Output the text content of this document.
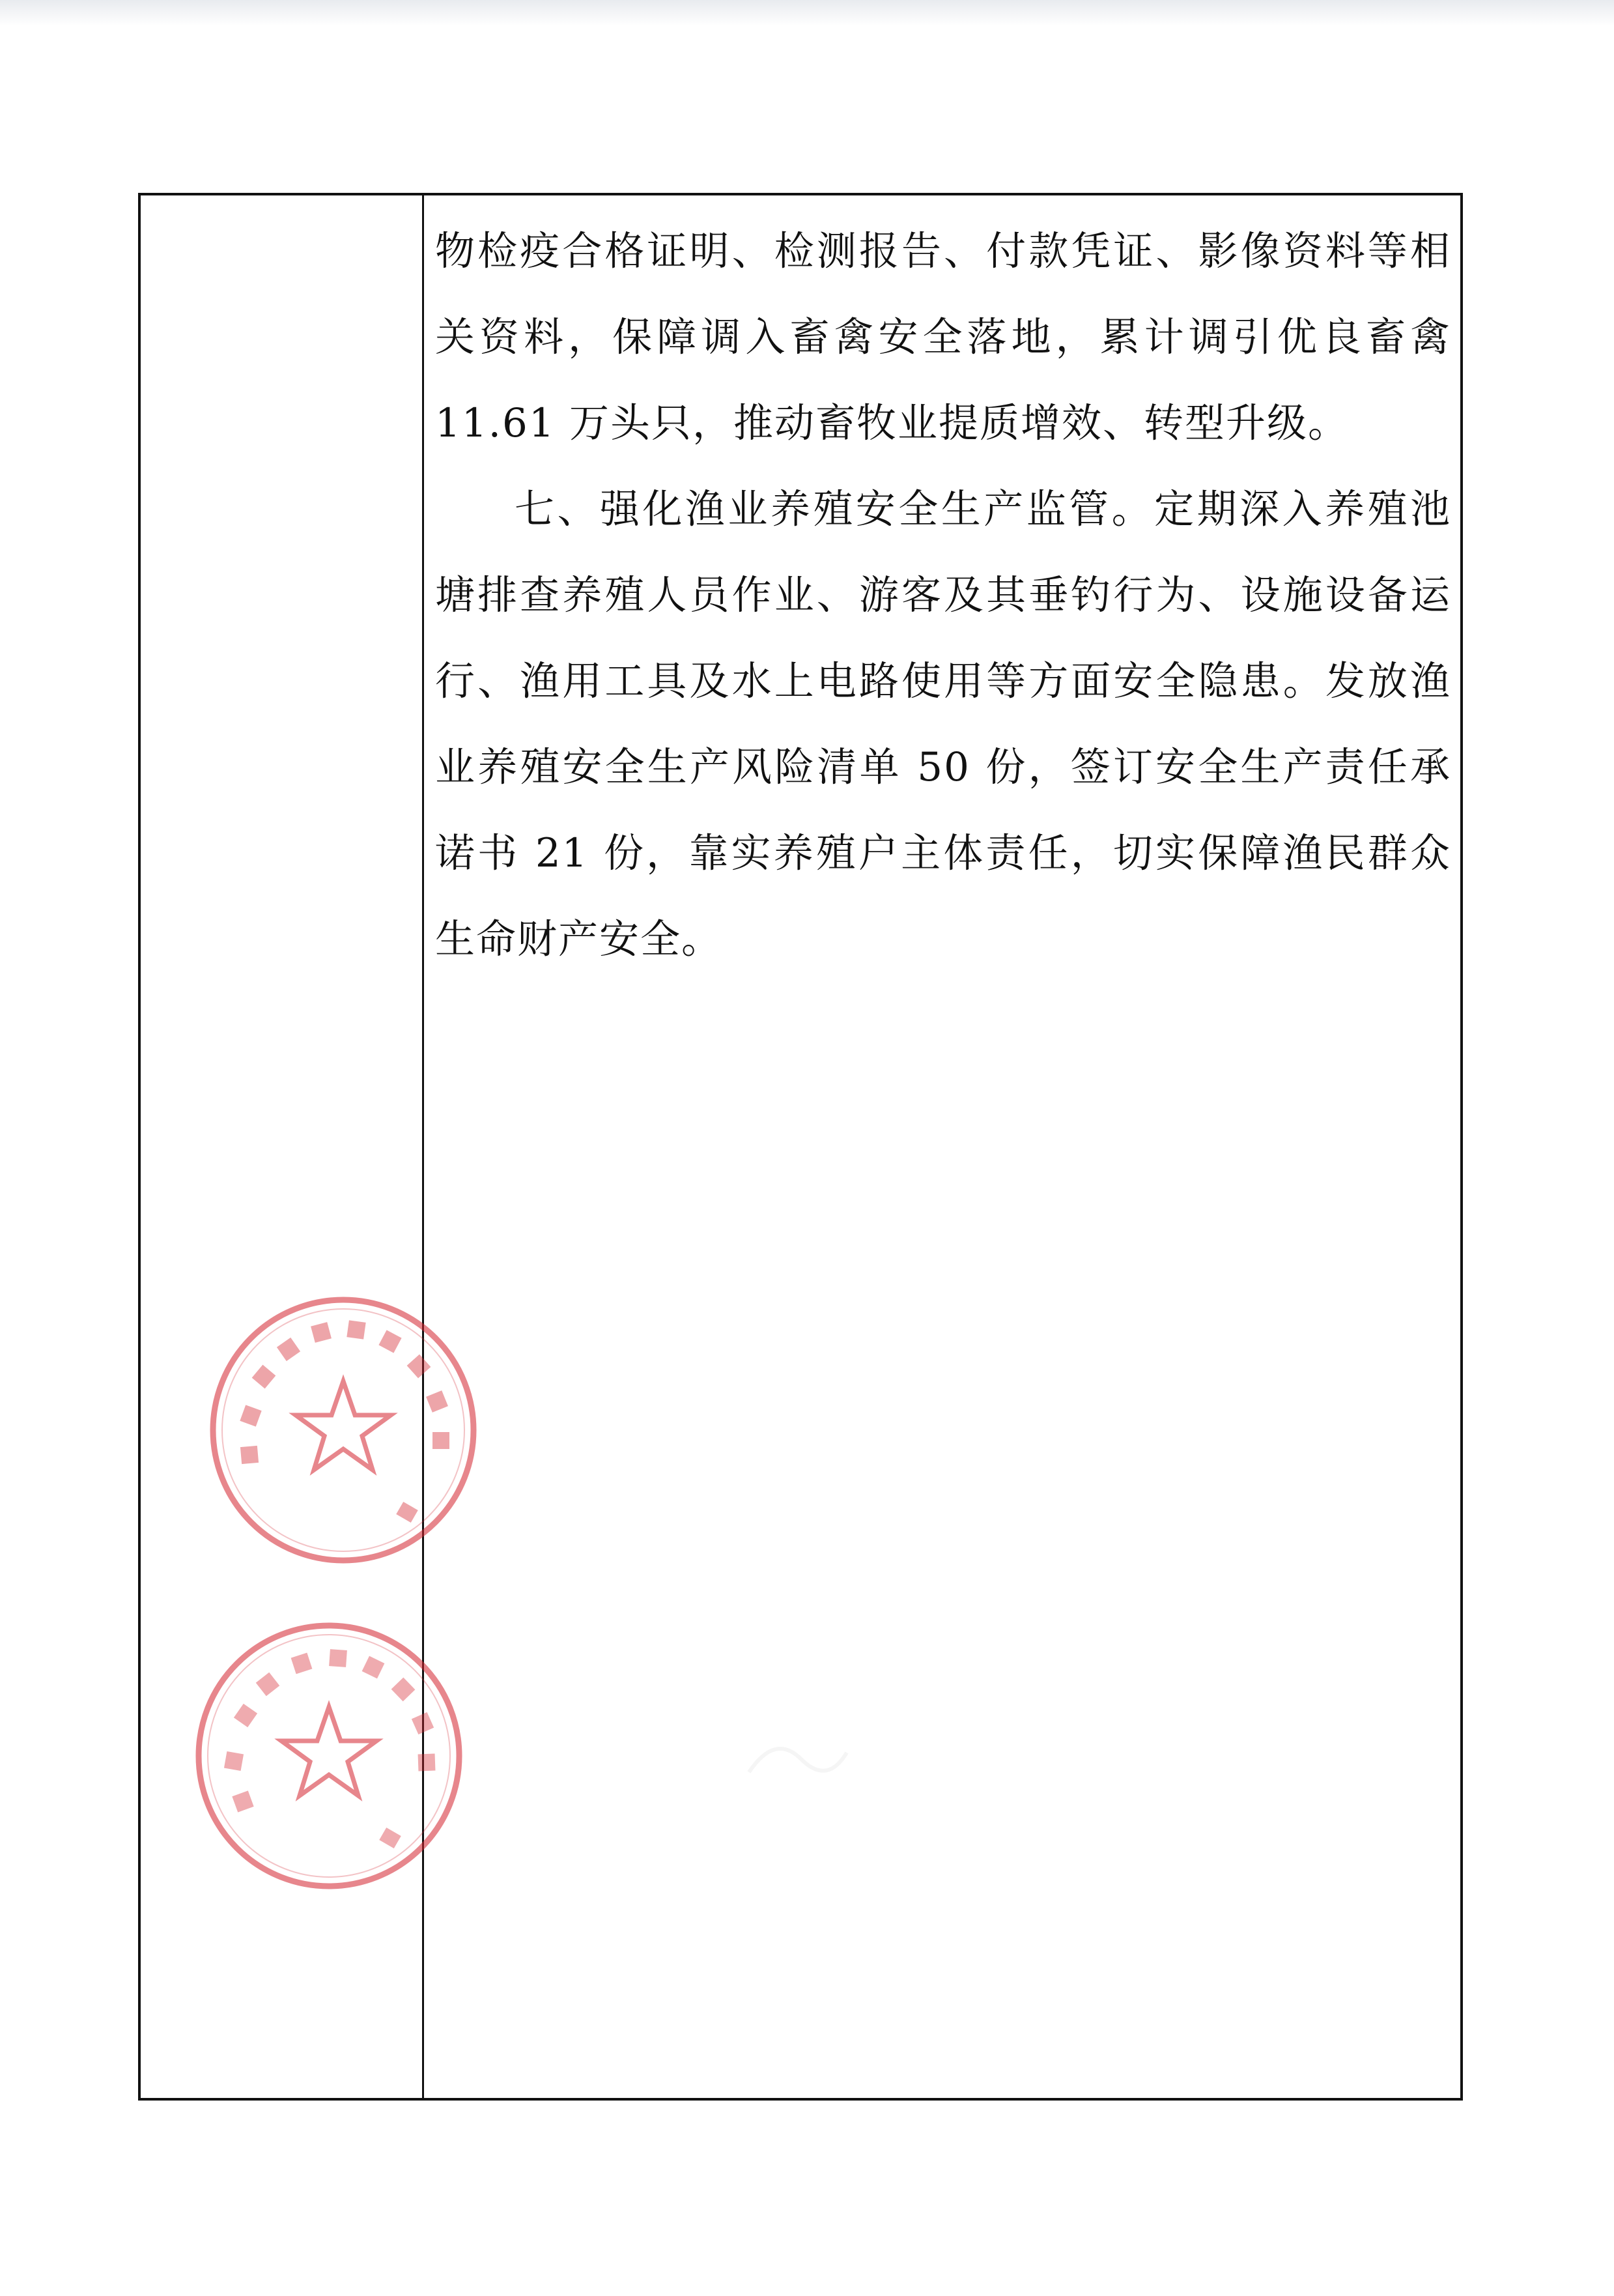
物检疫合格证明、检测报告、付款凭证、影像资料等相关资料，保障调入畜禽安全落地，累计调引优良畜禽 11.61 万头只，推动畜牧业提质增效、转型升级。

七、强化渔业养殖安全生产监管。定期深入养殖池塘排查养殖人员作业、游客及其垂钓行为、设施设备运行、渔用工具及水上电路使用等方面安全隐患。发放渔业养殖安全生产风险清单 50 份，签订安全生产责任承诺书 21 份，靠实养殖户主体责任，切实保障渔民群众生命财产安全。
